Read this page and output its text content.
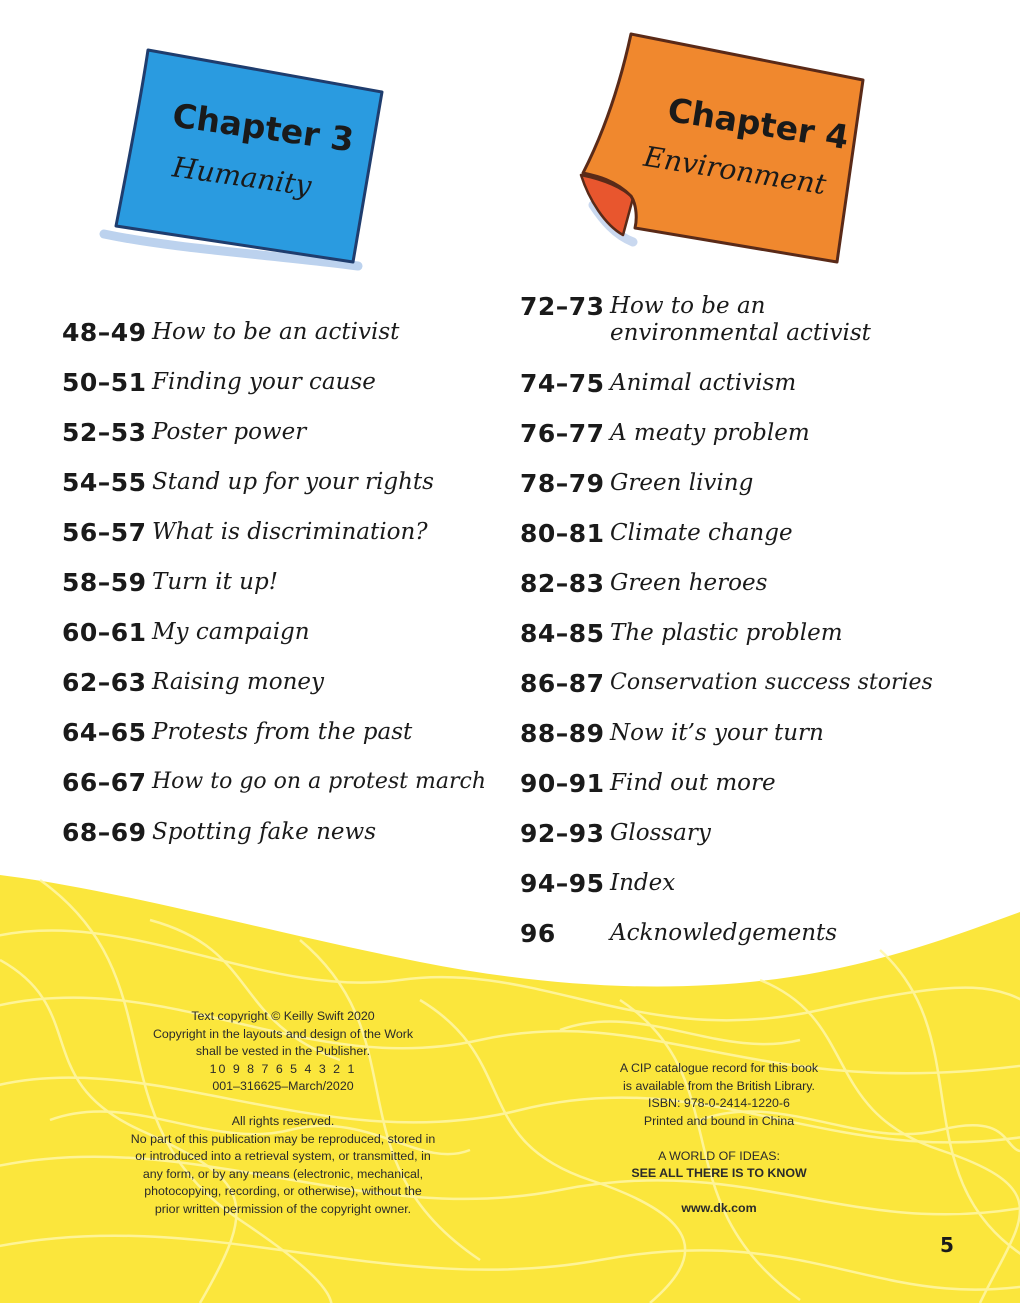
Chapter 3
Humanity
Chapter 4
Environment
48–49 How to be an activist
50–51 Finding your cause
52–53 Poster power
54–55 Stand up for your rights
56–57 What is discrimination?
58–59 Turn it up!
60–61 My campaign
62–63 Raising money
64–65 Protests from the past
66–67 How to go on a protest march
68–69 Spotting fake news
72–73 How to be an
environmental activist
74–75 Animal activism
76–77 A meaty problem
78–79 Green living
80–81 Climate change
82–83 Green heroes
84–85 The plastic problem
86–87 Conservation success stories
88–89 Now it’s your turn
90–91 Find out more
92–93 Glossary
94–95 Index
96 Acknowledgements
Text copyright © Keilly Swift 2020
Copyright in the layouts and design of the Work
shall be vested in the Publisher.
10 9 8 7 6 5 4 3 2 1
001–316625–March/2020
All rights reserved.
No part of this publication may be reproduced, stored in
or introduced into a retrieval system, or transmitted, in
any form, or by any means (electronic, mechanical,
photocopying, recording, or otherwise), without the
prior written permission of the copyright owner.
A CIP catalogue record for this book
is available from the British Library.
ISBN: 978-0-2414-1220-6
Printed and bound in China
A WORLD OF IDEAS:
SEE ALL THERE IS TO KNOW
www.dk.com
5
